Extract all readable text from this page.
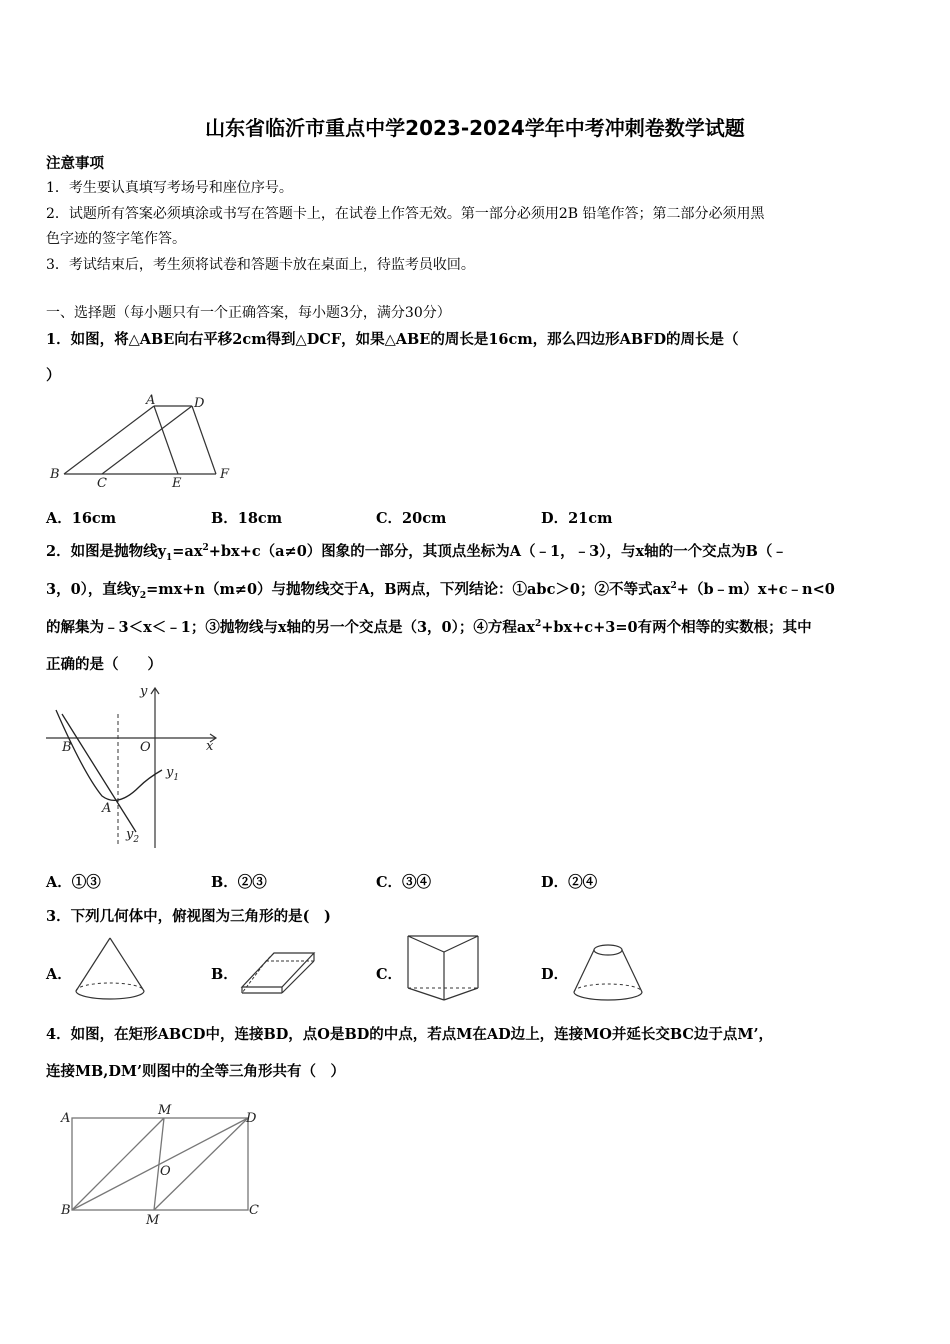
山东省临沂市重点中学2023-2024学年中考冲刺卷数学试题
注意事项
1．考生要认真填写考场号和座位序号。
2．试题所有答案必须填涂或书写在答题卡上，在试卷上作答无效。第一部分必须用2B 铅笔作答；第二部分必须用黑
色字迹的签字笔作答。
3．考试结束后，考生须将试卷和答题卡放在桌面上，待监考员收回。
一、选择题（每小题只有一个正确答案，每小题3分，满分30分）
1．如图，将△ABE向右平移2cm得到△DCF，如果△ABE的周长是16cm，那么四边形ABFD的周长是（
）
A	D
B
C	E
F
A．16cm	B．18cm	C．20cm	D．21cm
2．如图是抛物线$y_1=ax^2+bx+c(a\ne 0)$图象的一部分，其顶点坐标为A（﹣1，﹣3），与x轴的一个交点为B（﹣
3，0），直线$y_2=mx+n(m\ne 0)$与抛物线交于A，B两点，下列结论：①abc＞0；②不等式$ax^2+(b﹣m)x+c﹣n<0$
的解集为﹣3＜x＜﹣1；③抛物线与x轴的另一个交点是（3，0）；④方程$ax^2+bx+c+3=0$有两个相等的实数根；其中
正确的是（　　）
y
x
O
B
A
$y_1$
$y_2$
A．①③	B．②③	C．③④	D．②④
3．下列几何体中，俯视图为三角形的是(　)
A．	B．	C．	D．
4．如图，在矩形ABCD中，连接BD，点O是BD的中点，若点M在AD边上，连接MO并延长交BC边于点M’，
连接MB,DM’则图中的全等三角形共有（　）
A
M
D
O
B
M
C
